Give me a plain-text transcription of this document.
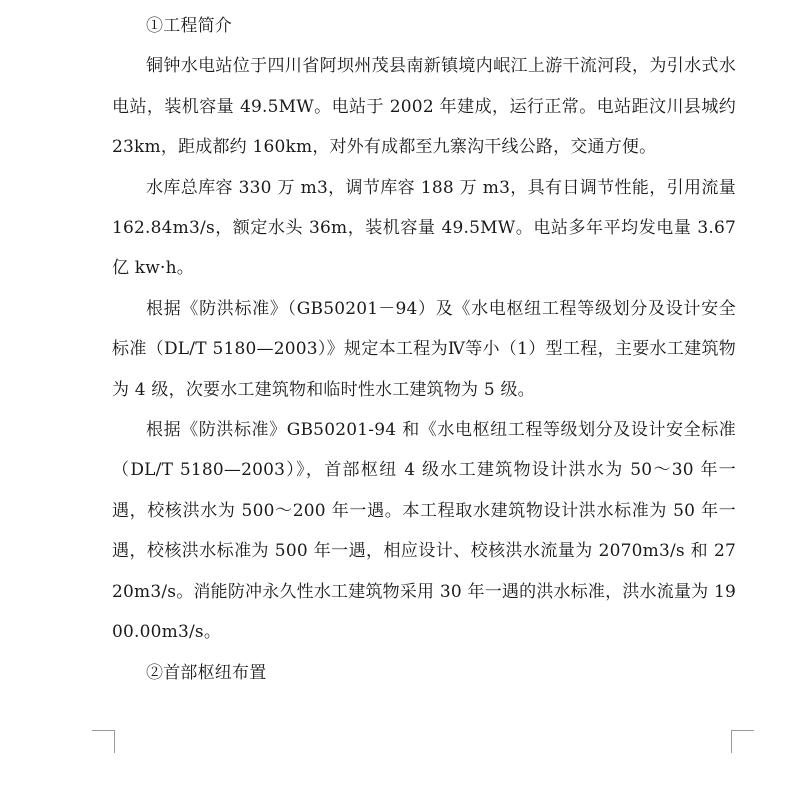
①工程简介

铜钟水电站位于四川省阿坝州茂县南新镇境内岷江上游干流河段，为引水式水电站，装机容量 49.5MW。电站于 2002 年建成，运行正常。电站距汶川县城约 23km，距成都约 160km，对外有成都至九寨沟干线公路，交通方便。

水库总库容 330 万 m3，调节库容 188 万 m3，具有日调节性能，引用流量 162.84m3/s，额定水头 36m，装机容量 49.5MW。电站多年平均发电量 3.67 亿 kw·h。

根据《防洪标准》（GB50201－94）及《水电枢纽工程等级划分及设计安全标准（DL/T 5180—2003）》规定本工程为Ⅳ等小（1）型工程，主要水工建筑物为 4 级，次要水工建筑物和临时性水工建筑物为 5 级。

根据《防洪标准》GB50201-94 和《水电枢纽工程等级划分及设计安全标准（DL/T 5180—2003）》，首部枢纽 4 级水工建筑物设计洪水为 50～30 年一遇，校核洪水为 500～200 年一遇。本工程取水建筑物设计洪水标准为 50 年一遇，校核洪水标准为 500 年一遇，相应设计、校核洪水流量为 2070m3/s 和 2720m3/s。消能防冲永久性水工建筑物采用 30 年一遇的洪水标准，洪水流量为 1900.00m3/s。

②首部枢纽布置
